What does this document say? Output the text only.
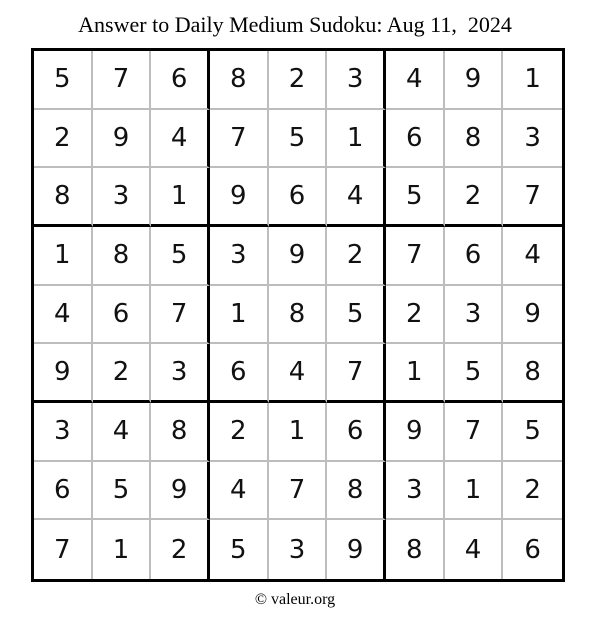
Answer to Daily Medium Sudoku: Aug 11,  2024
5	7	6	8	2	3	4	9	1
2	9	4	7	5	1	6	8	3
8	3	1	9	6	4	5	2	7
1	8	5	3	9	2	7	6	4
4	6	7	1	8	5	2	3	9
9	2	3	6	4	7	1	5	8
3	4	8	2	1	6	9	7	5
6	5	9	4	7	8	3	1	2
7	1	2	5	3	9	8	4	6
© valeur.org
